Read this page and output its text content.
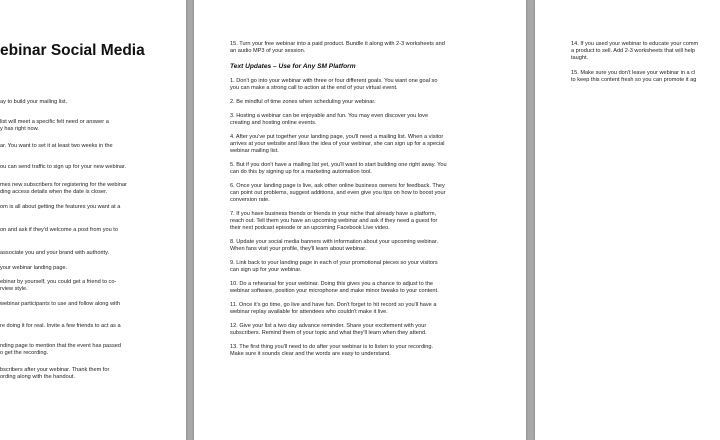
ebinar Social Media
ay to build your mailing list.
list will meet a specific felt need or answer a
y has right now.
ar. You want to set it at least two weeks in the
ou can send traffic to sign up for your new webinar.
mes new subscribers for registering for the webinar
ding access details when the date is closer.
om is all about getting the features you want at a
on and ask if they'd welcome a post from you to
associate you and your brand with authority.
your webinar landing page.
ebinar by yourself, you could get a friend to co-
rview style.
webinar participants to use and follow along with
re doing it for real. Invite a few friends to act as a
nding page to mention that the event has passed
o get the recording.
bscribers after your webinar. Thank them for
ording along with the handout.
15. Turn your free webinar into a paid product. Bundle it along with 2-3 worksheets and
an audio MP3 of your session.
Text Updates – Use for Any SM Platform
1. Don't go into your webinar with three or four different goals. You want one goal so
you can make a strong call to action at the end of your virtual event.
2. Be mindful of time zones when scheduling your webinar.
3. Hosting a webinar can be enjoyable and fun. You may even discover you love
creating and hosting online events.
4. After you've put together your landing page, you'll need a mailing list. When a visitor
arrives at your website and likes the idea of your webinar, she can sign up for a special
webinar mailing list.
5. But if you don't have a mailing list yet, you'll want to start building one right away. You
can do this by signing up for a marketing automation tool.
6. Once your landing page is live, ask other online business owners for feedback. They
can point out problems, suggest additions, and even give you tips on how to boost your
conversion rate.
7. If you have business friends or friends in your niche that already have a platform,
reach out. Tell them you have an upcoming webinar and ask if they need a guest for
their next podcast episode or an upcoming Facebook Live video.
8. Update your social media banners with information about your upcoming webinar.
When fans visit your profile, they'll learn about webinar.
9. Link back to your landing page in each of your promotional pieces so your visitors
can sign up for your webinar.
10. Do a rehearsal for your webinar. Doing this gives you a chance to adjust to the
webinar software, position your microphone and make minor tweaks to your content.
11. Once it's go time, go live and have fun. Don't forget to hit record so you'll have a
webinar replay available for attendees who couldn't make it live.
12. Give your list a two day advance reminder. Share your excitement with your
subscribers. Remind them of your topic and what they'll learn when they attend.
13. The first thing you'll need to do after your webinar is to listen to your recording.
Make sure it sounds clear and the words are easy to understand.
14. If you used your webinar to educate your comm
a product to sell. Add 2-3 worksheets that will help
taught.
15. Make sure you don't leave your webinar in a cl
to keep this content fresh so you can promote it ag
